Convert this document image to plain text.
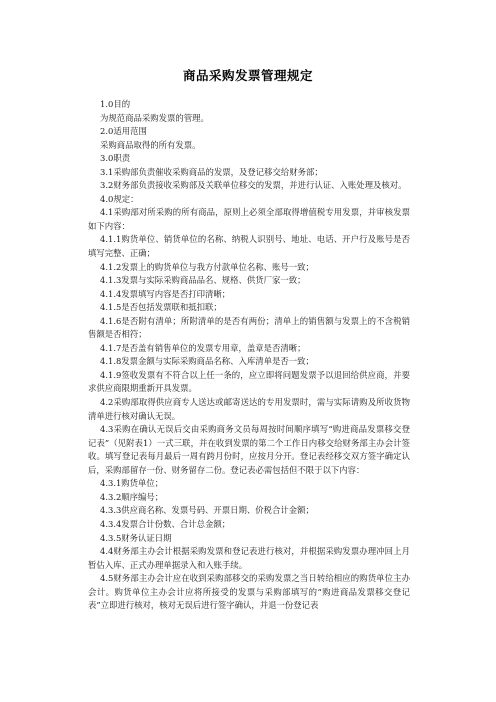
商品采购发票管理规定

1.0目的

为规范商品采购发票的管理。

2.0适用范围

采购商品取得的所有发票。

3.0职责

3.1采购部负责催收采购商品的发票，及登记移交给财务部；

3.2财务部负责接收采购部及关联单位移交的发票，并进行认证、入账处理及核对。

4.0规定：

4.1采购部对所采购的所有商品，原则上必须全部取得增值税专用发票，并审核发票如下内容：

4.1.1购货单位、销货单位的名称、纳税人识别号、地址、电话、开户行及账号是否填写完整、正确；

4.1.2发票上的购货单位与我方付款单位名称、账号一致；

4.1.3发票与实际采购商品品名、规格、供货厂家一致；

4.1.4发票填写内容是否打印清晰；

4.1.5是否包括发票联和抵扣联；

4.1.6是否附有清单；所附清单的是否有两份；清单上的销售额与发票上的不含税销售额是否相符；

4.1.7是否盖有销售单位的发票专用章，盖章是否清晰；

4.1.8发票金额与实际采购商品名称、入库清单是否一致；

4.1.9签收发票有不符合以上任一条的，应立即将问题发票予以退回给供应商，并要求供应商限期重新开具发票。

4.2采购部取得供应商专人送达或邮寄送达的专用发票时，需与实际请购及所收货物清单进行核对确认无误。

4.3采购在确认无误后交由采购商务文员每周按时间顺序填写“购进商品发票移交登记表”（见附表1）一式三联，并在收到发票的第二个工作日内移交给财务部主办会计签收。填写登记表每月最后一周有跨月份时，应按月分开。登记表经移交双方签字确定认后，采购部留存一份、财务留存二份。登记表必需包括但不限于以下内容：

4.3.1购货单位；

4.3.2顺序编号；

4.3.3供应商名称、发票号码、开票日期、价税合计金额；

4.3.4发票合计份数、合计总金额；

4.3.5财务认证日期

4.4财务部主办会计根据采购发票和登记表进行核对，并根据采购发票办理冲回上月暂估入库、正式办理单据录入和入账手续。

4.5财务部主办会计应在收到采购部移交的采购发票之当日转给相应的购货单位主办会计。购货单位主办会计应将所接受的发票与采购部填写的“购进商品发票移交登记表”立即进行核对，核对无误后进行签字确认，并退一份登记表
